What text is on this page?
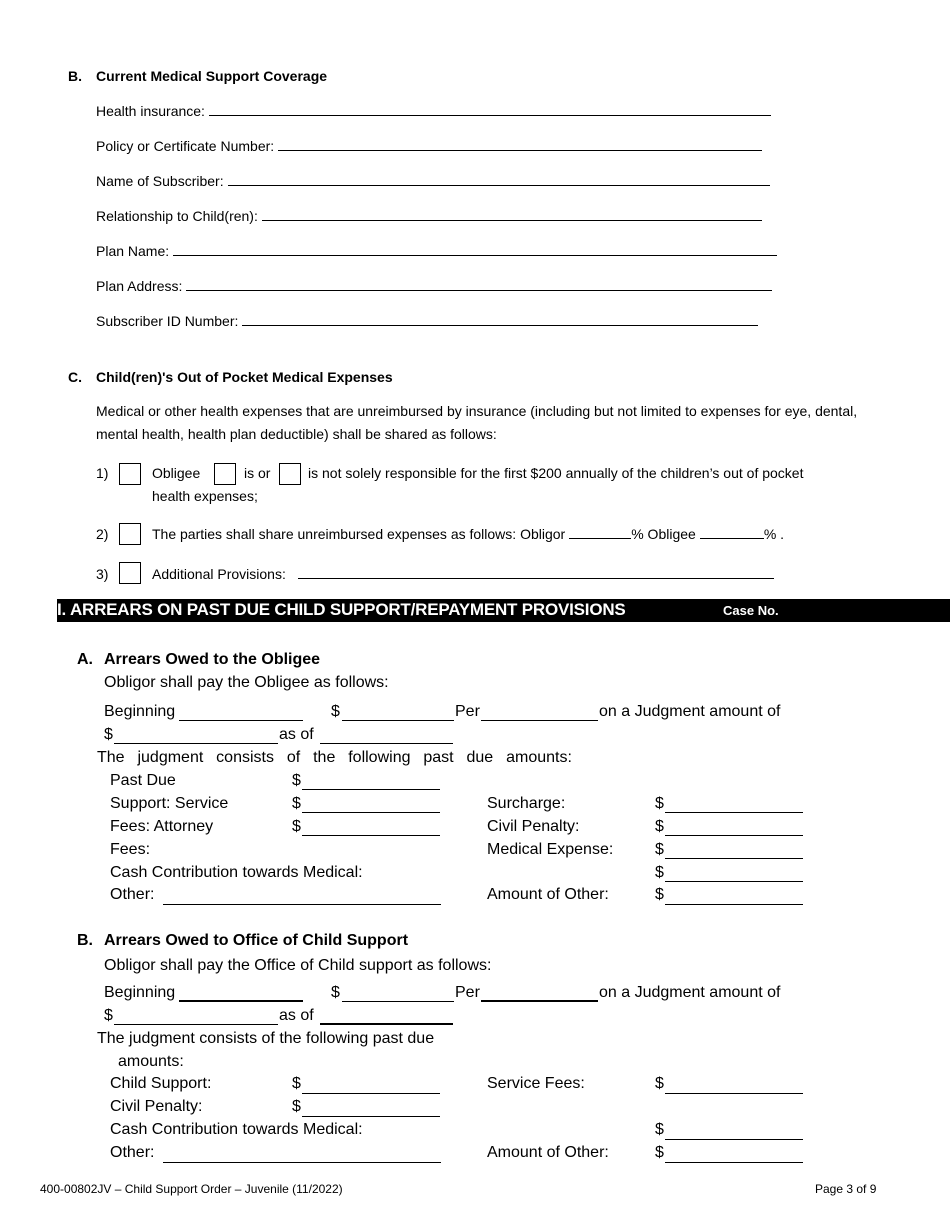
B. Current Medical Support Coverage
Health insurance:
Policy or Certificate Number:
Name of Subscriber:
Relationship to Child(ren):
Plan Name:
Plan Address:
Subscriber ID Number:
C. Child(ren)'s Out of Pocket Medical Expenses
Medical or other health expenses that are unreimbursed by insurance (including but not limited to expenses for eye, dental, mental health, health plan deductible) shall be shared as follows:
1)	Obligee	is or	is not solely responsible for the first $200 annually of the children’s out of pocket
health expenses;
2)	The parties shall share unreimbursed expenses as follows: Obligor	% Obligee	% .
3)	Additional Provisions:
I. ARREARS ON PAST DUE CHILD SUPPORT/REPAYMENT PROVISIONS	Case No.
A. Arrears Owed to the Obligee
Obligor shall pay the Obligee as follows:
Beginning	$	Per	on a Judgment amount of
$	as of
The  judgment  consists  of  the  following  past  due  amounts:
Past Due	$
Support: Service	$	Surcharge:	$
Fees: Attorney	$	Civil Penalty:	$
Fees:	Medical Expense:	$
Cash Contribution towards Medical:	$
Other:	Amount of Other:	$
B. Arrears Owed to Office of Child Support
Obligor shall pay the Office of Child support as follows:
Beginning	$	Per	on a Judgment amount of
$	as of
The judgment consists of the following past due
amounts:
Child Support:	$	Service Fees:	$
Civil Penalty:	$
Cash Contribution towards Medical:	$
Other:	Amount of Other:	$
400-00802JV – Child Support Order – Juvenile (11/2022)	Page 3 of 9
